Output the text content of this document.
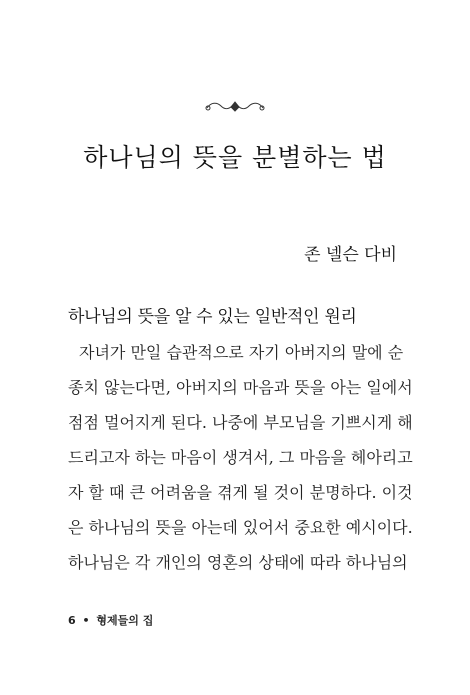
하나님의 뜻을 분별하는 법
존 넬슨 다비
하나님의 뜻을 알 수 있는 일반적인 원리
자녀가 만일 습관적으로 자기 아버지의 말에 순
종치 않는다면, 아버지의 마음과 뜻을 아는 일에서
점점 멀어지게 된다. 나중에 부모님을 기쁘시게 해
드리고자 하는 마음이 생겨서, 그 마음을 헤아리고
자 할 때 큰 어려움을 겪게 될 것이 분명하다. 이것
은 하나님의 뜻을 아는데 있어서 중요한 예시이다.
하나님은 각 개인의 영혼의 상태에 따라 하나님의
6 • 형제들의 집
